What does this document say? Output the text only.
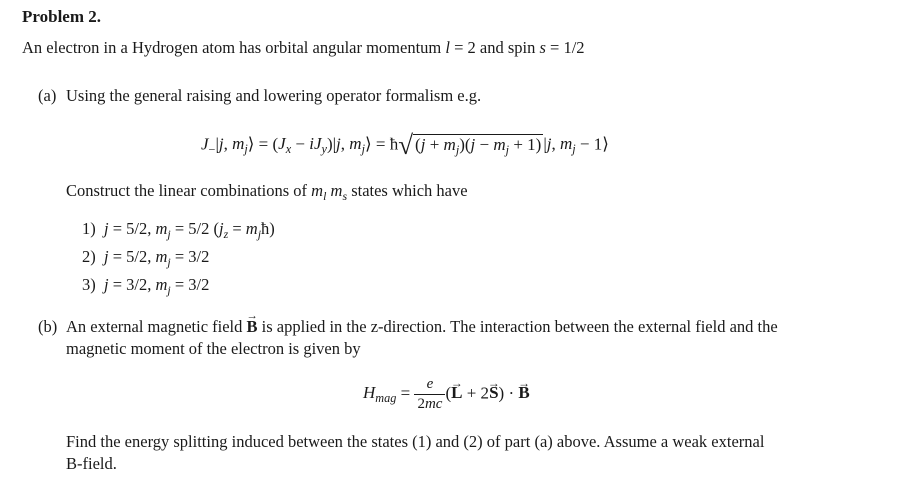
Problem 2.
An electron in a Hydrogen atom has orbital angular momentum l = 2 and spin s = 1/2
(a) Using the general raising and lowering operator formalism e.g.
$J_-|j$, $m_j⟩ = (J_x - iJ_y)|j$, $m_j⟩$ = ħ√ $(j + m_j)(j - m_j + 1)$ |j, $m_j$ − 1⟩
Construct the linear combinations of $m_l$ $m_s$ states which have
1) j = 5/2, $m_j = 5/2$ ($j_z$ = $m_jħ$)
2) j = 5/2, $m_j = 3/2$
3) j = 3/2, $m_j = 3/2$
(b) An external magnetic field → B is applied in the z-direction. The interaction between the external field and the
magnetic moment of the electron is given by
$H_{mag} = \frac{e}{2mc}$ (→ L + 2→ S) · → B
Find the energy splitting induced between the states (1) and (2) of part (a) above. Assume a weak external
B-field.
